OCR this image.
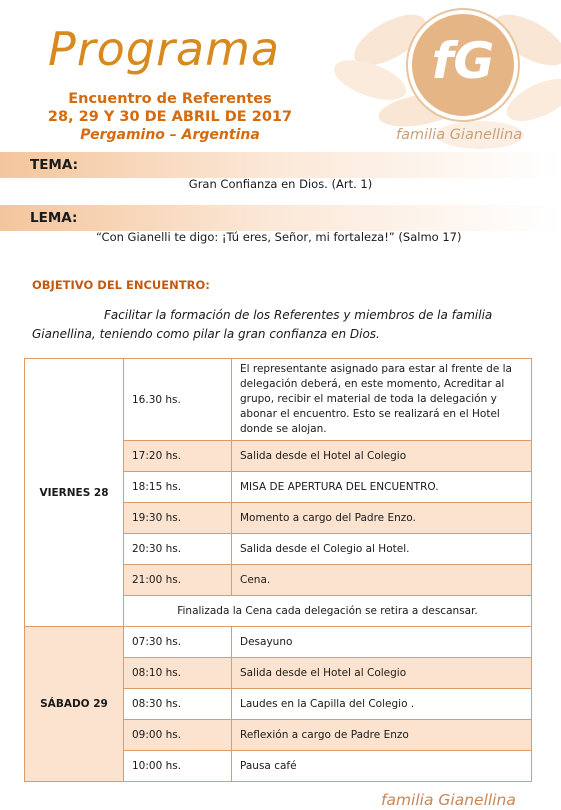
Programa
Encuentro de Referentes
28, 29 Y 30 DE ABRIL DE 2017
Pergamino – Argentina
fG
familia Gianellina
TEMA:
Gran Confianza en Dios. (Art. 1)
LEMA:
“Con Gianelli te digo: ¡Tú eres, Señor, mi fortaleza!” (Salmo 17)
OBJETIVO DEL ENCUENTRO:
Facilitar la formación de los Referentes y miembros de la familia Gianellina, teniendo como pilar la gran confianza en Dios.
VIERNES 28	16.30 hs.	El representante asignado para estar al frente de la delegación deberá, en este momento, Acreditar al grupo, recibir el material de toda la delegación y abonar el encuentro. Esto se realizará en el Hotel donde se alojan.
	17:20 hs.	Salida desde el Hotel al Colegio
	18:15 hs.	MISA DE APERTURA DEL ENCUENTRO.
	19:30 hs.	Momento a cargo del Padre Enzo.
	20:30 hs.	Salida desde el Colegio al Hotel.
	21:00 hs.	Cena.
	Finalizada la Cena cada delegación se retira a descansar.	
SÁBADO 29	07:30 hs.	Desayuno
	08:10 hs.	Salida desde el Hotel al Colegio
	08:30 hs.	Laudes en la Capilla del Colegio .
	09:00 hs.	Reflexión a cargo de Padre Enzo
	10:00 hs.	Pausa café
familia Gianellina
